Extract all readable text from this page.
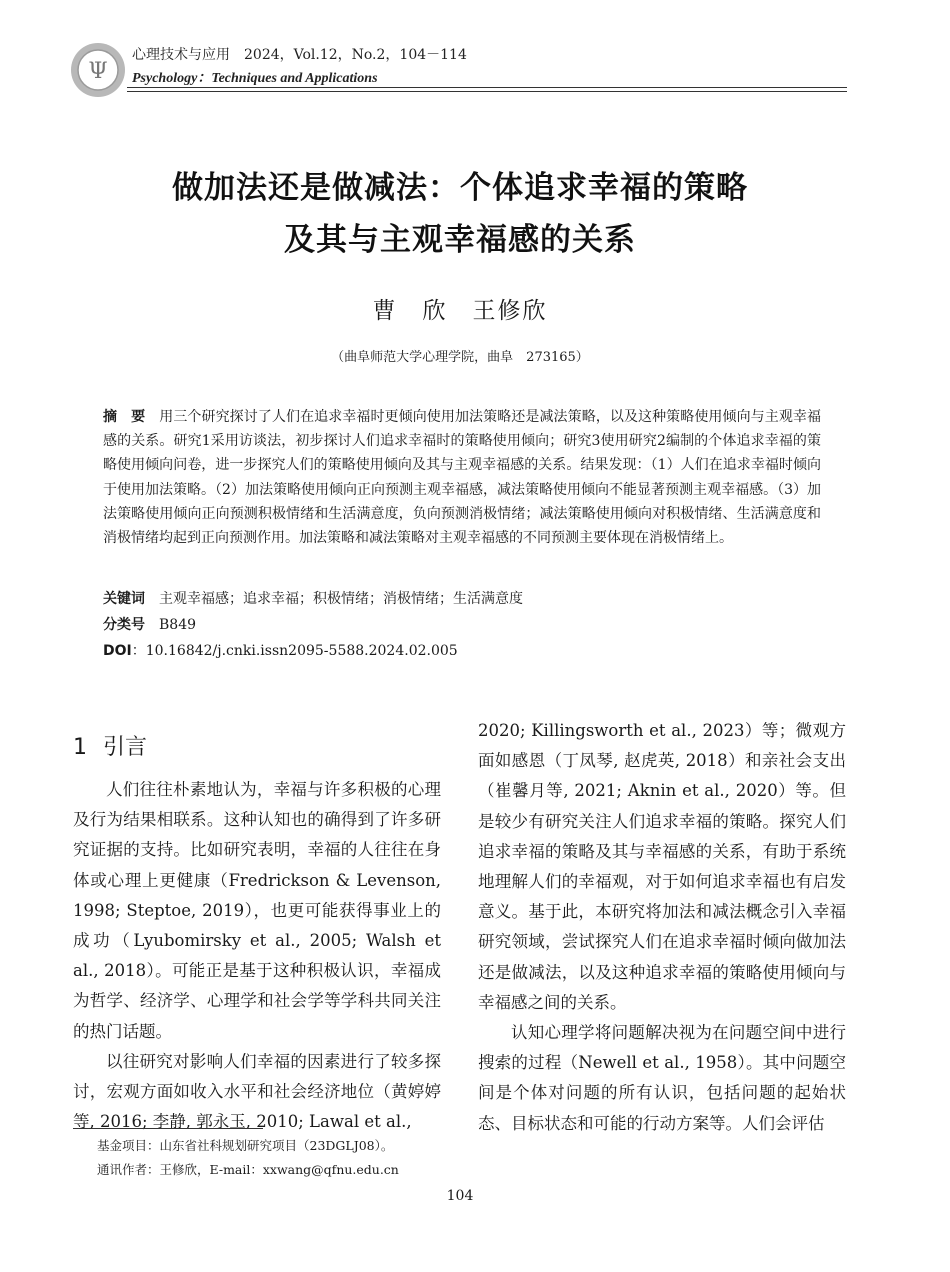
Ψ
心理技术与应用　2024，Vol.12，No.2，104－114
Psychology：Techniques and Applications
做加法还是做减法：个体追求幸福的策略
及其与主观幸福感的关系
曹　欣　王修欣
（曲阜师范大学心理学院，曲阜　273165）
摘　要 用三个研究探讨了人们在追求幸福时更倾向使用加法策略还是减法策略，以及这种策略使用倾向与主观幸福感的关系。研究1采用访谈法，初步探讨人们追求幸福时的策略使用倾向；研究3使用研究2编制的个体追求幸福的策略使用倾向问卷，进一步探究人们的策略使用倾向及其与主观幸福感的关系。结果发现：（1）人们在追求幸福时倾向于使用加法策略。（2）加法策略使用倾向正向预测主观幸福感，减法策略使用倾向不能显著预测主观幸福感。（3）加法策略使用倾向正向预测积极情绪和生活满意度，负向预测消极情绪；减法策略使用倾向对积极情绪、生活满意度和消极情绪均起到正向预测作用。加法策略和减法策略对主观幸福感的不同预测主要体现在消极情绪上。
关键词 主观幸福感；追求幸福；积极情绪；消极情绪；生活满意度
分类号 B849
DOI：10.16842/j.cnki.issn2095-5588.2024.02.005
1 引言

人们往往朴素地认为，幸福与许多积极的心理及行为结果相联系。这种认知也的确得到了许多研究证据的支持。比如研究表明，幸福的人往往在身体或心理上更健康（Fredrickson & Levenson, 1998; Steptoe, 2019），也更可能获得事业上的成功（Lyubomirsky et al., 2005; Walsh et al., 2018）。可能正是基于这种积极认识，幸福成为哲学、经济学、心理学和社会学等学科共同关注的热门话题。

以往研究对影响人们幸福的因素进行了较多探讨，宏观方面如收入水平和社会经济地位（黄婷婷等, 2016; 李静, 郭永玉, 2010; Lawal et al.,

2020; Killingsworth et al., 2023）等；微观方面如感恩（丁凤琴, 赵虎英, 2018）和亲社会支出（崔馨月等, 2021; Aknin et al., 2020）等。但是较少有研究关注人们追求幸福的策略。探究人们追求幸福的策略及其与幸福感的关系，有助于系统地理解人们的幸福观，对于如何追求幸福也有启发意义。基于此，本研究将加法和减法概念引入幸福研究领域，尝试探究人们在追求幸福时倾向做加法还是做减法，以及这种追求幸福的策略使用倾向与幸福感之间的关系。

认知心理学将问题解决视为在问题空间中进行搜索的过程（Newell et al., 1958）。其中问题空间是个体对问题的所有认识，包括问题的起始状态、目标状态和可能的行动方案等。人们会评估

基金项目：山东省社科规划研究项目（23DGLJ08）。
通讯作者：王修欣，E-mail：xxwang@qfnu.edu.cn
104
